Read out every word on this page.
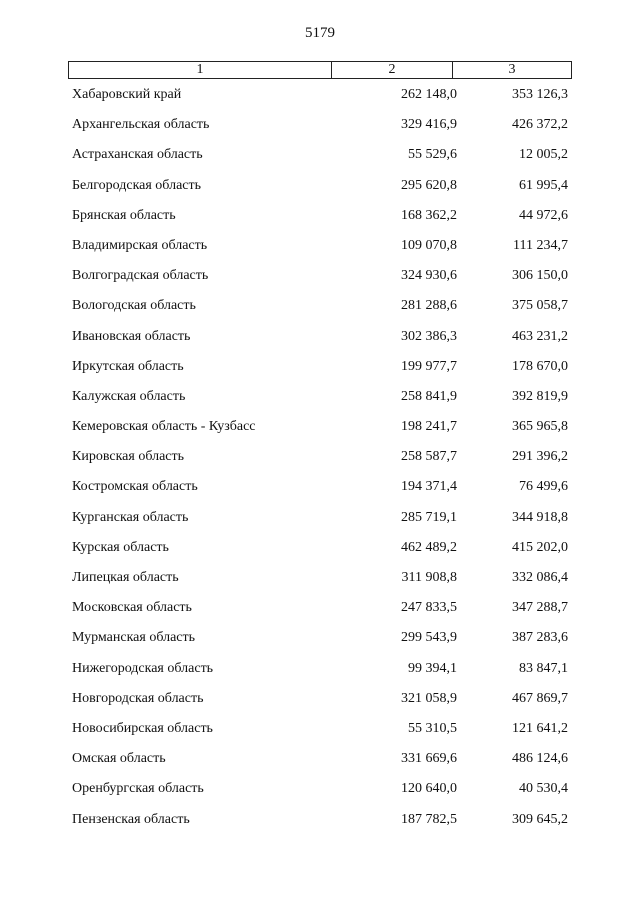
5179
1	2	3
Хабаровский край	262 148,0	353 126,3
Архангельская область	329 416,9	426 372,2
Астраханская область	55 529,6	12 005,2
Белгородская область	295 620,8	61 995,4
Брянская область	168 362,2	44 972,6
Владимирская область	109 070,8	111 234,7
Волгоградская область	324 930,6	306 150,0
Вологодская область	281 288,6	375 058,7
Ивановская область	302 386,3	463 231,2
Иркутская область	199 977,7	178 670,0
Калужская область	258 841,9	392 819,9
Кемеровская область - Кузбасс	198 241,7	365 965,8
Кировская область	258 587,7	291 396,2
Костромская область	194 371,4	76 499,6
Курганская область	285 719,1	344 918,8
Курская область	462 489,2	415 202,0
Липецкая область	311 908,8	332 086,4
Московская область	247 833,5	347 288,7
Мурманская область	299 543,9	387 283,6
Нижегородская область	99 394,1	83 847,1
Новгородская область	321 058,9	467 869,7
Новосибирская область	55 310,5	121 641,2
Омская область	331 669,6	486 124,6
Оренбургская область	120 640,0	40 530,4
Пензенская область	187 782,5	309 645,2
